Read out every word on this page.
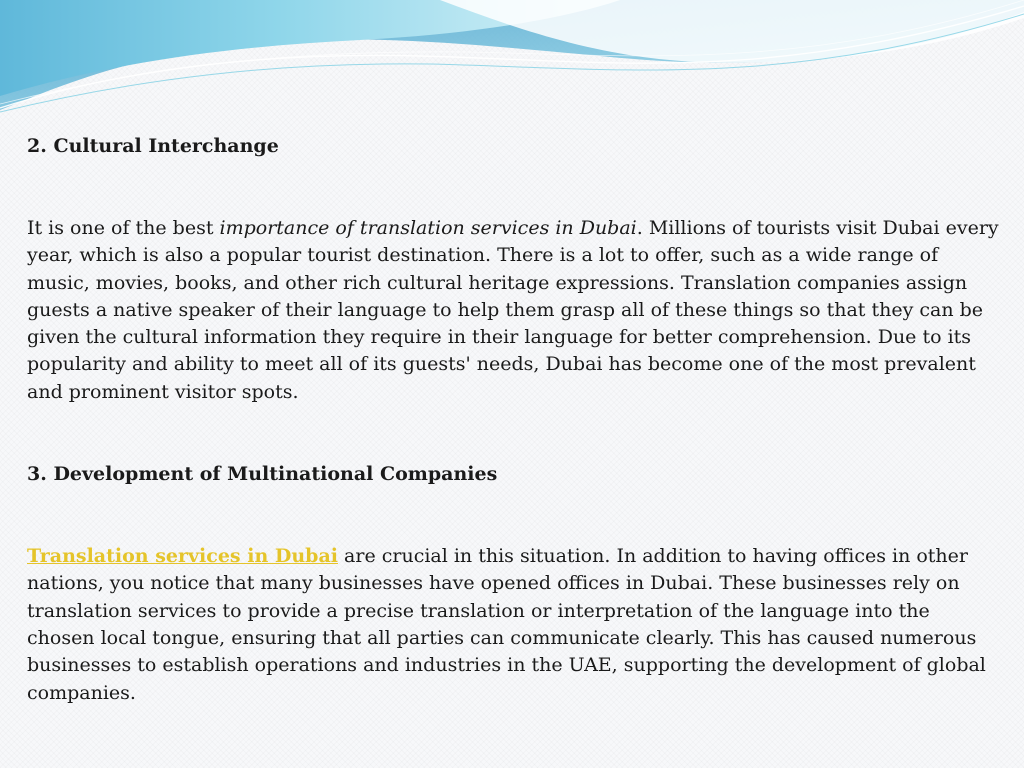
2. Cultural Interchange

It is one of the best importance of translation services in Dubai. Millions of tourists visit Dubai every year, which is also a popular tourist destination. There is a lot to offer, such as a wide range of music, movies, books, and other rich cultural heritage expressions. Translation companies assign guests a native speaker of their language to help them grasp all of these things so that they can be given the cultural information they require in their language for better comprehension. Due to its popularity and ability to meet all of its guests' needs, Dubai has become one of the most prevalent and prominent visitor spots.

3. Development of Multinational Companies

Translation services in Dubai are crucial in this situation. In addition to having offices in other nations, you notice that many businesses have opened offices in Dubai. These businesses rely on translation services to provide a precise translation or interpretation of the language into the chosen local tongue, ensuring that all parties can communicate clearly. This has caused numerous businesses to establish operations and industries in the UAE, supporting the development of global companies.
